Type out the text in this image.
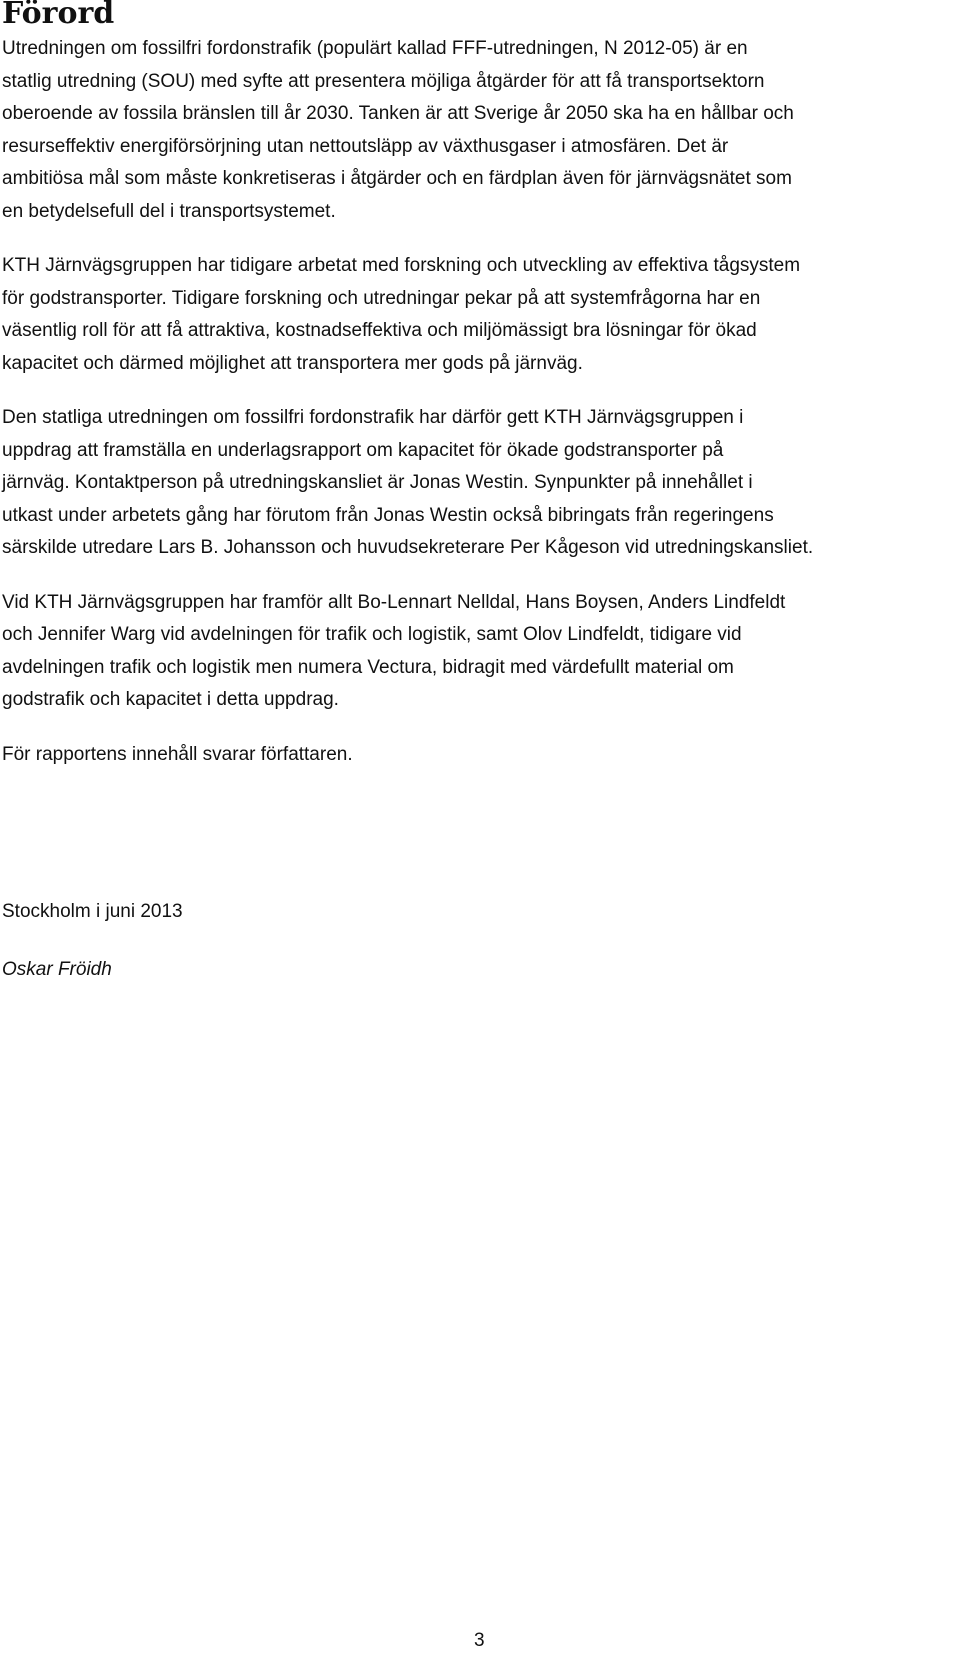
Förord

Utredningen om fossilfri fordonstrafik (populärt kallad FFF-utredningen, N 2012-05) är en
statlig utredning (SOU) med syfte att presentera möjliga åtgärder för att få transportsektorn
oberoende av fossila bränslen till år 2030. Tanken är att Sverige år 2050 ska ha en hållbar och
resurseffektiv energiförsörjning utan nettoutsläpp av växthusgaser i atmosfären. Det är
ambitiösa mål som måste konkretiseras i åtgärder och en färdplan även för järnvägsnätet som
en betydelsefull del i transportsystemet.

KTH Järnvägsgruppen har tidigare arbetat med forskning och utveckling av effektiva tågsystem
för godstransporter. Tidigare forskning och utredningar pekar på att systemfrågorna har en
väsentlig roll för att få attraktiva, kostnadseffektiva och miljömässigt bra lösningar för ökad
kapacitet och därmed möjlighet att transportera mer gods på järnväg.

Den statliga utredningen om fossilfri fordonstrafik har därför gett KTH Järnvägsgruppen i
uppdrag att framställa en underlagsrapport om kapacitet för ökade godstransporter på
järnväg. Kontaktperson på utredningskansliet är Jonas Westin. Synpunkter på innehållet i
utkast under arbetets gång har förutom från Jonas Westin också bibringats från regeringens
särskilde utredare Lars B. Johansson och huvudsekreterare Per Kågeson vid utredningskansliet.

Vid KTH Järnvägsgruppen har framför allt Bo-Lennart Nelldal, Hans Boysen, Anders Lindfeldt
och Jennifer Warg vid avdelningen för trafik och logistik, samt Olov Lindfeldt, tidigare vid
avdelningen trafik och logistik men numera Vectura, bidragit med värdefullt material om
godstrafik och kapacitet i detta uppdrag.

För rapportens innehåll svarar författaren.

Stockholm i juni 2013

Oskar Fröidh

3
